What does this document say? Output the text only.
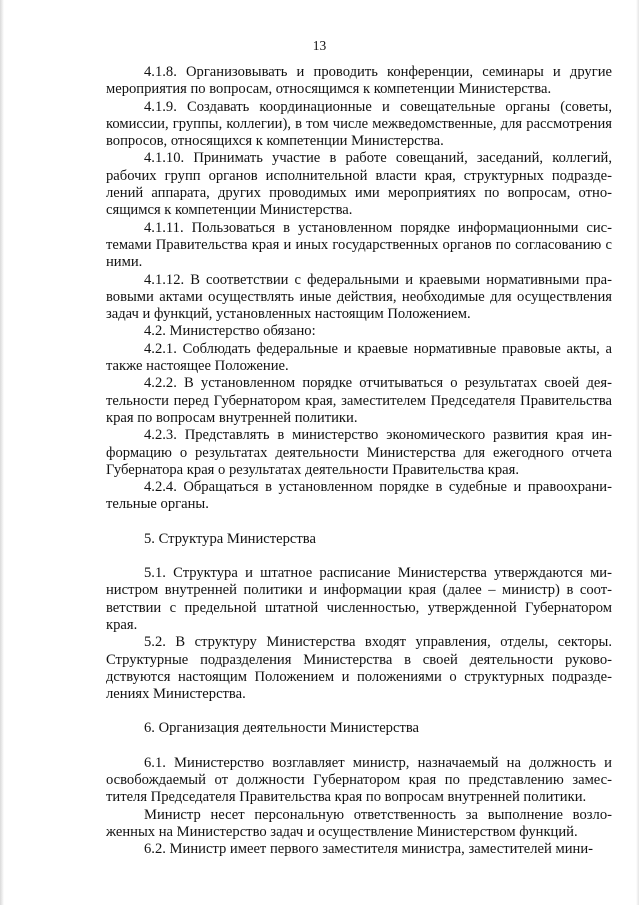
13

4.1.8. Организовывать и проводить конференции, семинары и другие мероприятия по вопросам, относящимся к компетенции Министерства.

4.1.9. Создавать координационные и совещательные органы (советы, комиссии, группы, коллегии), в том числе межведомственные, для рассмотрения вопросов, относящихся к компетенции Министерства.

4.1.10. Принимать участие в работе совещаний, заседаний, коллегий, рабочих групп органов исполнительной власти края, структурных подразделений аппарата, других проводимых ими мероприятиях по вопросам, относящимся к компетенции Министерства.

4.1.11. Пользоваться в установленном порядке информационными системами Правительства края и иных государственных органов по согласованию с ними.

4.1.12. В соответствии с федеральными и краевыми нормативными правовыми актами осуществлять иные действия, необходимые для осуществления задач и функций, установленных настоящим Положением.

4.2. Министерство обязано:

4.2.1. Соблюдать федеральные и краевые нормативные правовые акты, а также настоящее Положение.

4.2.2. В установленном порядке отчитываться о результатах своей деятельности перед Губернатором края, заместителем Председателя Правительства края по вопросам внутренней политики.

4.2.3. Представлять в министерство экономического развития края информацию о результатах деятельности Министерства для ежегодного отчета Губернатора края о результатах деятельности Правительства края.

4.2.4. Обращаться в установленном порядке в судебные и правоохранительные органы.

5. Структура Министерства

5.1. Структура и штатное расписание Министерства утверждаются министром внутренней политики и информации края (далее – министр) в соответствии с предельной штатной численностью, утвержденной Губернатором края.

5.2. В структуру Министерства входят управления, отделы, секторы. Структурные подразделения Министерства в своей деятельности руководствуются настоящим Положением и положениями о структурных подразделениях Министерства.

6. Организация деятельности Министерства

6.1. Министерство возглавляет министр, назначаемый на должность и освобождаемый от должности Губернатором края по представлению заместителя Председателя Правительства края по вопросам внутренней политики.

Министр несет персональную ответственность за выполнение возложенных на Министерство задач и осуществление Министерством функций.

6.2. Министр имеет первого заместителя министра, заместителей мини-
